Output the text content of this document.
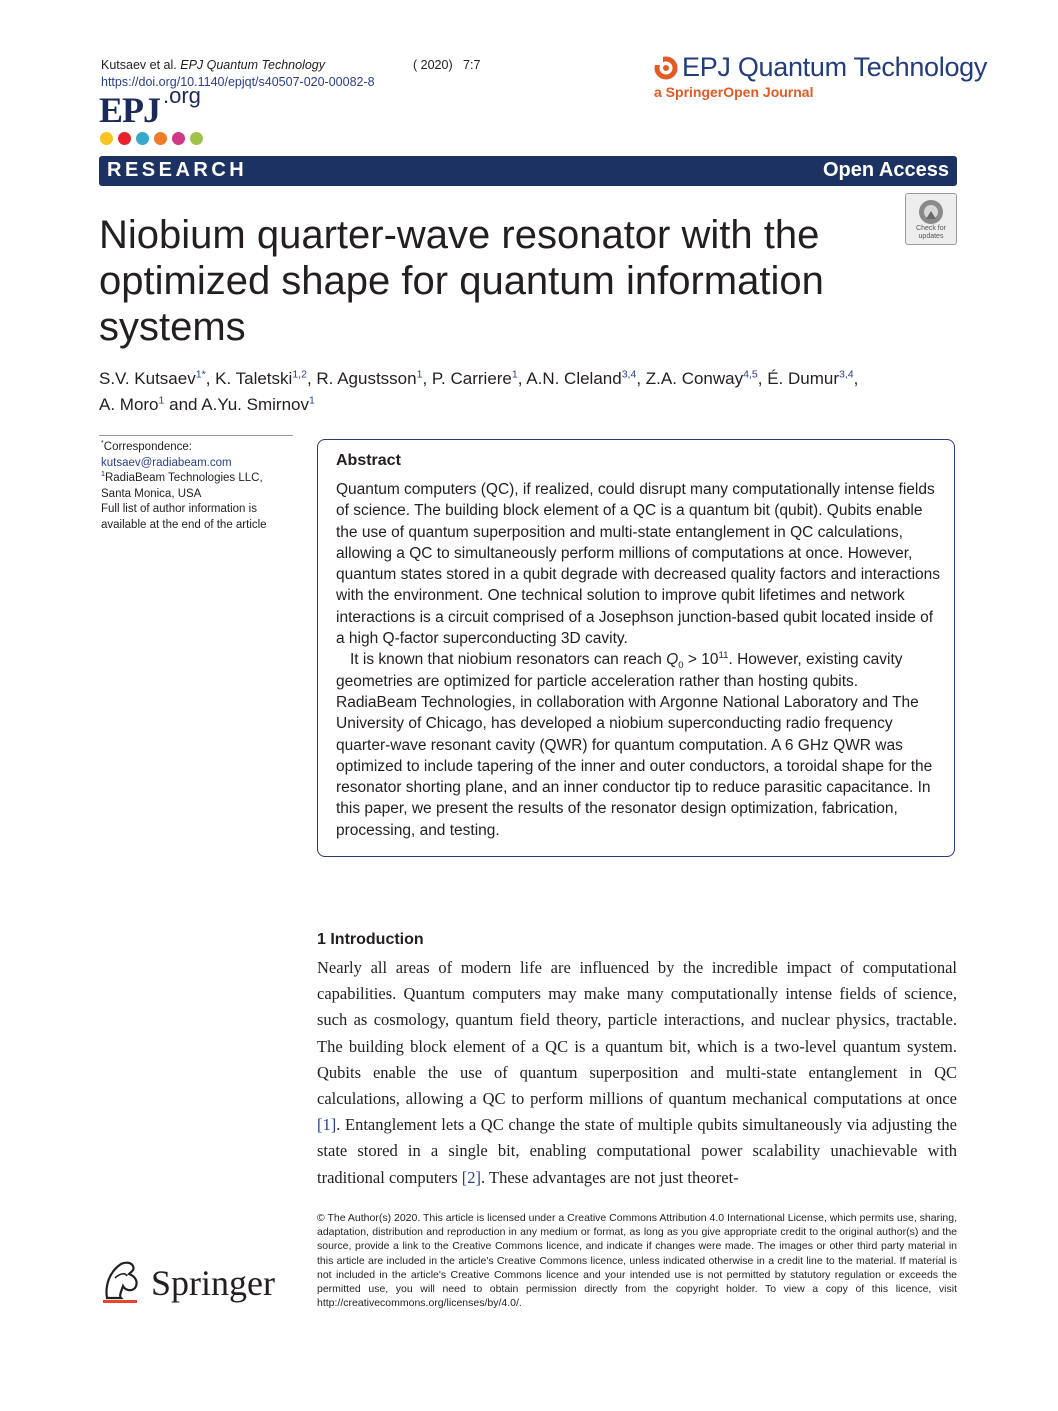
Kutsaev et al. EPJ Quantum Technology	( 2020) 7:7
https://doi.org/10.1140/epjqt/s40507-020-00082-8
EPJ .org
EPJ Quantum Technology
a SpringerOpen Journal
RESEARCH	Open Access
Niobium quarter-wave resonator with the optimized shape for quantum information systems
Check for updates
S.V. Kutsaev$^{1*}$, K. Taletski$^{1,2}$, R. Agustsson$^1$, P. Carriere$^1$, A.N. Cleland$^{3,4}$, Z.A. Conway$^{4,5}$, É. Dumur$^{3,4}$,
A. Moro$^1$ and A.Yu. Smirnov$^1$
*Correspondence:
kutsaev@radiabeam.com
$^1$RadiaBeam Technologies LLC, Santa Monica, USA
Full list of author information is available at the end of the article
Abstract

Quantum computers (QC), if realized, could disrupt many computationally intense fields of science. The building block element of a QC is a quantum bit (qubit). Qubits enable the use of quantum superposition and multi-state entanglement in QC calculations, allowing a QC to simultaneously perform millions of computations at once. However, quantum states stored in a qubit degrade with decreased quality factors and interactions with the environment. One technical solution to improve qubit lifetimes and network interactions is a circuit comprised of a Josephson junction-based qubit located inside of a high Q-factor superconducting 3D cavity.

It is known that niobium resonators can reach $Q_0 > 10^{11}$. However, existing cavity geometries are optimized for particle acceleration rather than hosting qubits. RadiaBeam Technologies, in collaboration with Argonne National Laboratory and The University of Chicago, has developed a niobium superconducting radio frequency quarter-wave resonant cavity (QWR) for quantum computation. A 6 GHz QWR was optimized to include tapering of the inner and outer conductors, a toroidal shape for the resonator shorting plane, and an inner conductor tip to reduce parasitic capacitance. In this paper, we present the results of the resonator design optimization, fabrication, processing, and testing.

1 Introduction
Nearly all areas of modern life are influenced by the incredible impact of computational capabilities. Quantum computers may make many computationally intense fields of science, such as cosmology, quantum field theory, particle interactions, and nuclear physics, tractable. The building block element of a QC is a quantum bit, which is a two-level quantum system. Qubits enable the use of quantum superposition and multi-state entanglement in QC calculations, allowing a QC to perform millions of quantum mechanical computations at once [1]. Entanglement lets a QC change the state of multiple qubits simultaneously via adjusting the state stored in a single bit, enabling computational power scalability unachievable with traditional computers [2]. These advantages are not just theoret-
© The Author(s) 2020. This article is licensed under a Creative Commons Attribution 4.0 International License, which permits use, sharing, adaptation, distribution and reproduction in any medium or format, as long as you give appropriate credit to the original author(s) and the source, provide a link to the Creative Commons licence, and indicate if changes were made. The images or other third party material in this article are included in the article's Creative Commons licence, unless indicated otherwise in a credit line to the material. If material is not included in the article's Creative Commons licence and your intended use is not permitted by statutory regulation or exceeds the permitted use, you will need to obtain permission directly from the copyright holder. To view a copy of this licence, visit http://creativecommons.org/licenses/by/4.0/.
Springer
